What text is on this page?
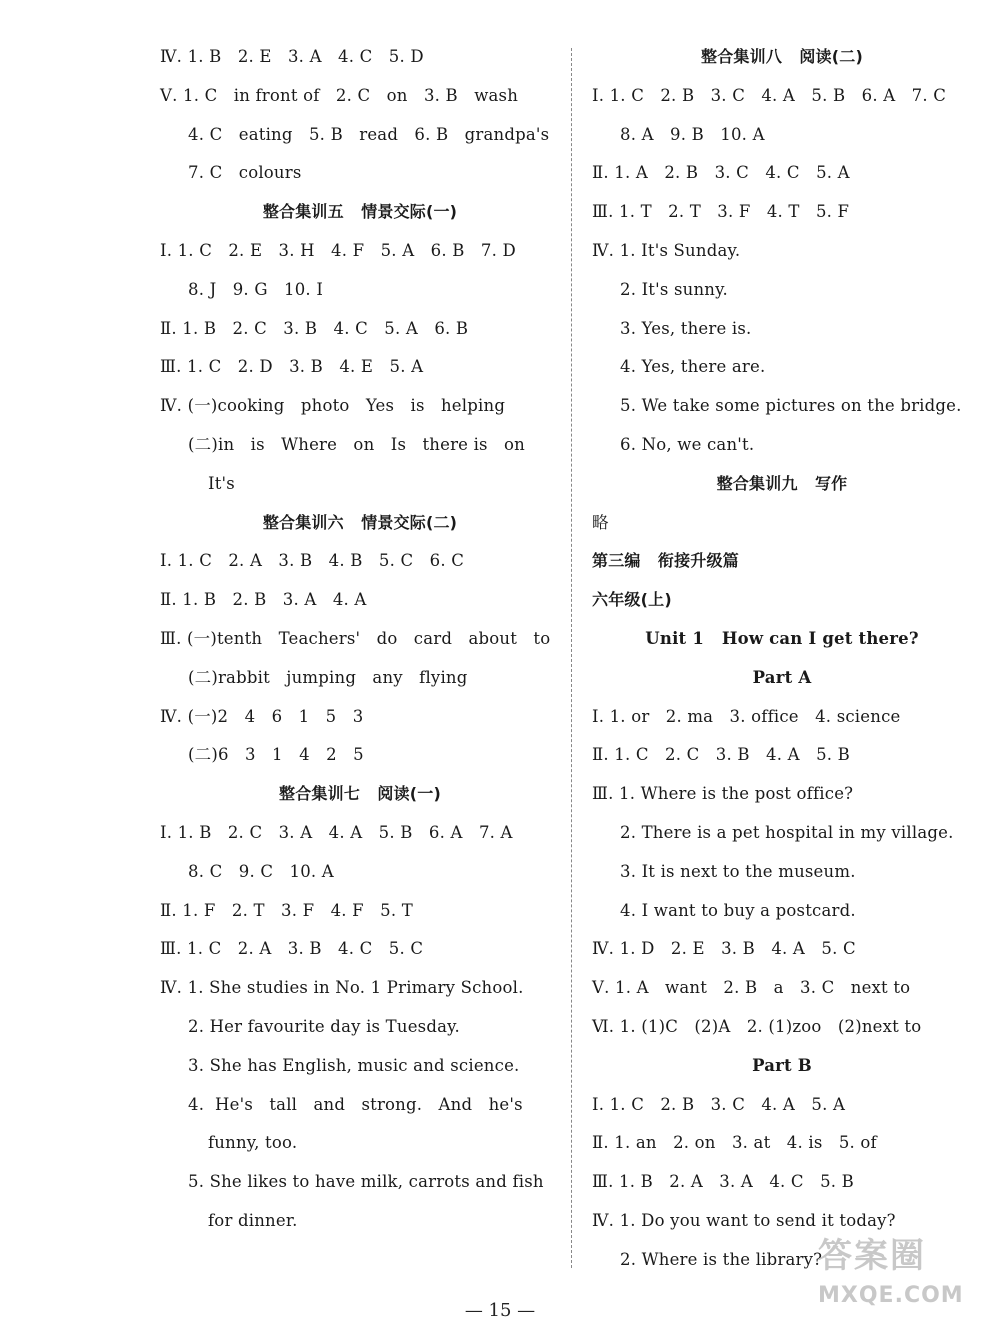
Ⅳ. 1. B   2. E   3. A   4. C   5. D
Ⅴ. 1. C   in front of   2. C   on   3. B   wash
4. C   eating   5. B   read   6. B   grandpa's
7. C   colours
整合集训五   情景交际(一)
Ⅰ. 1. C   2. E   3. H   4. F   5. A   6. B   7. D
8. J   9. G   10. I
Ⅱ. 1. B   2. C   3. B   4. C   5. A   6. B
Ⅲ. 1. C   2. D   3. B   4. E   5. A
Ⅳ. (一)cooking   photo   Yes   is   helping
(二)in   is   Where   on   Is   there is   on
It's
整合集训六   情景交际(二)
Ⅰ. 1. C   2. A   3. B   4. B   5. C   6. C
Ⅱ. 1. B   2. B   3. A   4. A
Ⅲ. (一)tenth   Teachers'   do   card   about   to
(二)rabbit   jumping   any   flying
Ⅳ. (一)2   4   6   1   5   3
(二)6   3   1   4   2   5
整合集训七   阅读(一)
Ⅰ. 1. B   2. C   3. A   4. A   5. B   6. A   7. A
8. C   9. C   10. A
Ⅱ. 1. F   2. T   3. F   4. F   5. T
Ⅲ. 1. C   2. A   3. B   4. C   5. C
Ⅳ. 1. She studies in No. 1 Primary School.
2. Her favourite day is Tuesday.
3. She has English, music and science.
4.  He's   tall   and   strong.   And   he's
funny, too.
5. She likes to have milk, carrots and fish
for dinner.
整合集训八   阅读(二)
Ⅰ. 1. C   2. B   3. C   4. A   5. B   6. A   7. C
8. A   9. B   10. A
Ⅱ. 1. A   2. B   3. C   4. C   5. A
Ⅲ. 1. T   2. T   3. F   4. T   5. F
Ⅳ. 1. It's Sunday.
2. It's sunny.
3. Yes, there is.
4. Yes, there are.
5. We take some pictures on the bridge.
6. No, we can't.
整合集训九   写作
略
第三编   衔接升级篇
六年级(上)
Unit 1   How can I get there?
Part A
Ⅰ. 1. or   2. ma   3. office   4. science
Ⅱ. 1. C   2. C   3. B   4. A   5. B
Ⅲ. 1. Where is the post office?
2. There is a pet hospital in my village.
3. It is next to the museum.
4. I want to buy a postcard.
Ⅳ. 1. D   2. E   3. B   4. A   5. C
Ⅴ. 1. A   want   2. B   a   3. C   next to
Ⅵ. 1. (1)C   (2)A   2. (1)zoo   (2)next to
Part B
Ⅰ. 1. C   2. B   3. C   4. A   5. A
Ⅱ. 1. an   2. on   3. at   4. is   5. of
Ⅲ. 1. B   2. A   3. A   4. C   5. B
Ⅳ. 1. Do you want to send it today?
2. Where is the library?
— 15 —
答案圈
MXQE.COM
